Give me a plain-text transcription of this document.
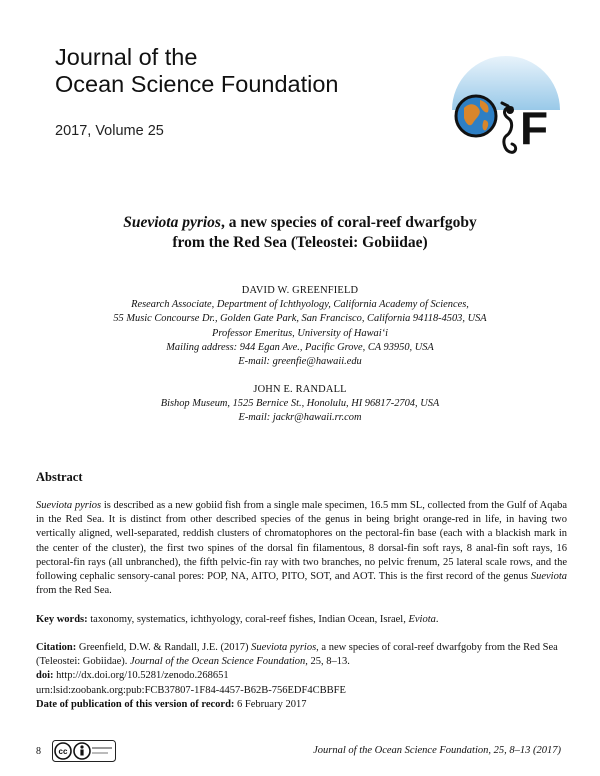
Journal of the
Ocean Science Foundation
2017, Volume 25	F
Sueviota pyrios, a new species of coral-reef dwarfgoby
from the Red Sea (Teleostei: Gobiidae)
DAVID W. GREENFIELD
Research Associate, Department of Ichthyology, California Academy of Sciences,
55 Music Concourse Dr., Golden Gate Park, San Francisco, California 94118-4503, USA
Professor Emeritus, University of Hawai‘i
Mailing address: 944 Egan Ave., Pacific Grove, CA 93950, USA
E-mail: greenfie@hawaii.edu
JOHN E. RANDALL
Bishop Museum, 1525 Bernice St., Honolulu, HI 96817-2704, USA
E-mail: jackr@hawaii.rr.com
Abstract

Sueviota pyrios is described as a new gobiid fish from a single male specimen, 16.5 mm SL, collected from the Gulf of Aqaba in the Red Sea. It is distinct from other described species of the genus in being bright orange-red in life, in having two vertically aligned, well-separated, reddish clusters of chromatophores on the pectoral-fin base (each with a blackish mark in the center of the cluster), the first two spines of the dorsal fin filamentous, 8 dorsal-fin soft rays, 8 anal-fin soft rays, 16 pectoral-fin rays (all unbranched), the fifth pelvic-fin ray with two branches, no pelvic frenum, 25 lateral scale rows, and the following cephalic sensory-canal pores: POP, NA, AITO, PITO, SOT, and AOT. This is the first record of the genus Sueviota from the Red Sea.

Key words: taxonomy, systematics, ichthyology, coral-reef fishes, Indian Ocean, Israel, Eviota.

Citation: Greenfield, D.W. & Randall, J.E. (2017) Sueviota pyrios, a new species of coral-reef dwarfgoby from the Red Sea (Teleostei: Gobiidae). Journal of the Ocean Science Foundation, 25, 8–13.

doi: http://dx.doi.org/10.5281/zenodo.268651

urn:lsid:zoobank.org:pub:FCB37807-1F84-4457-B62B-756EDF4CBBFE

Date of publication of this version of record: 6 February 2017

8 cc	Journal of the Ocean Science Foundation, 25, 8–13 (2017)
